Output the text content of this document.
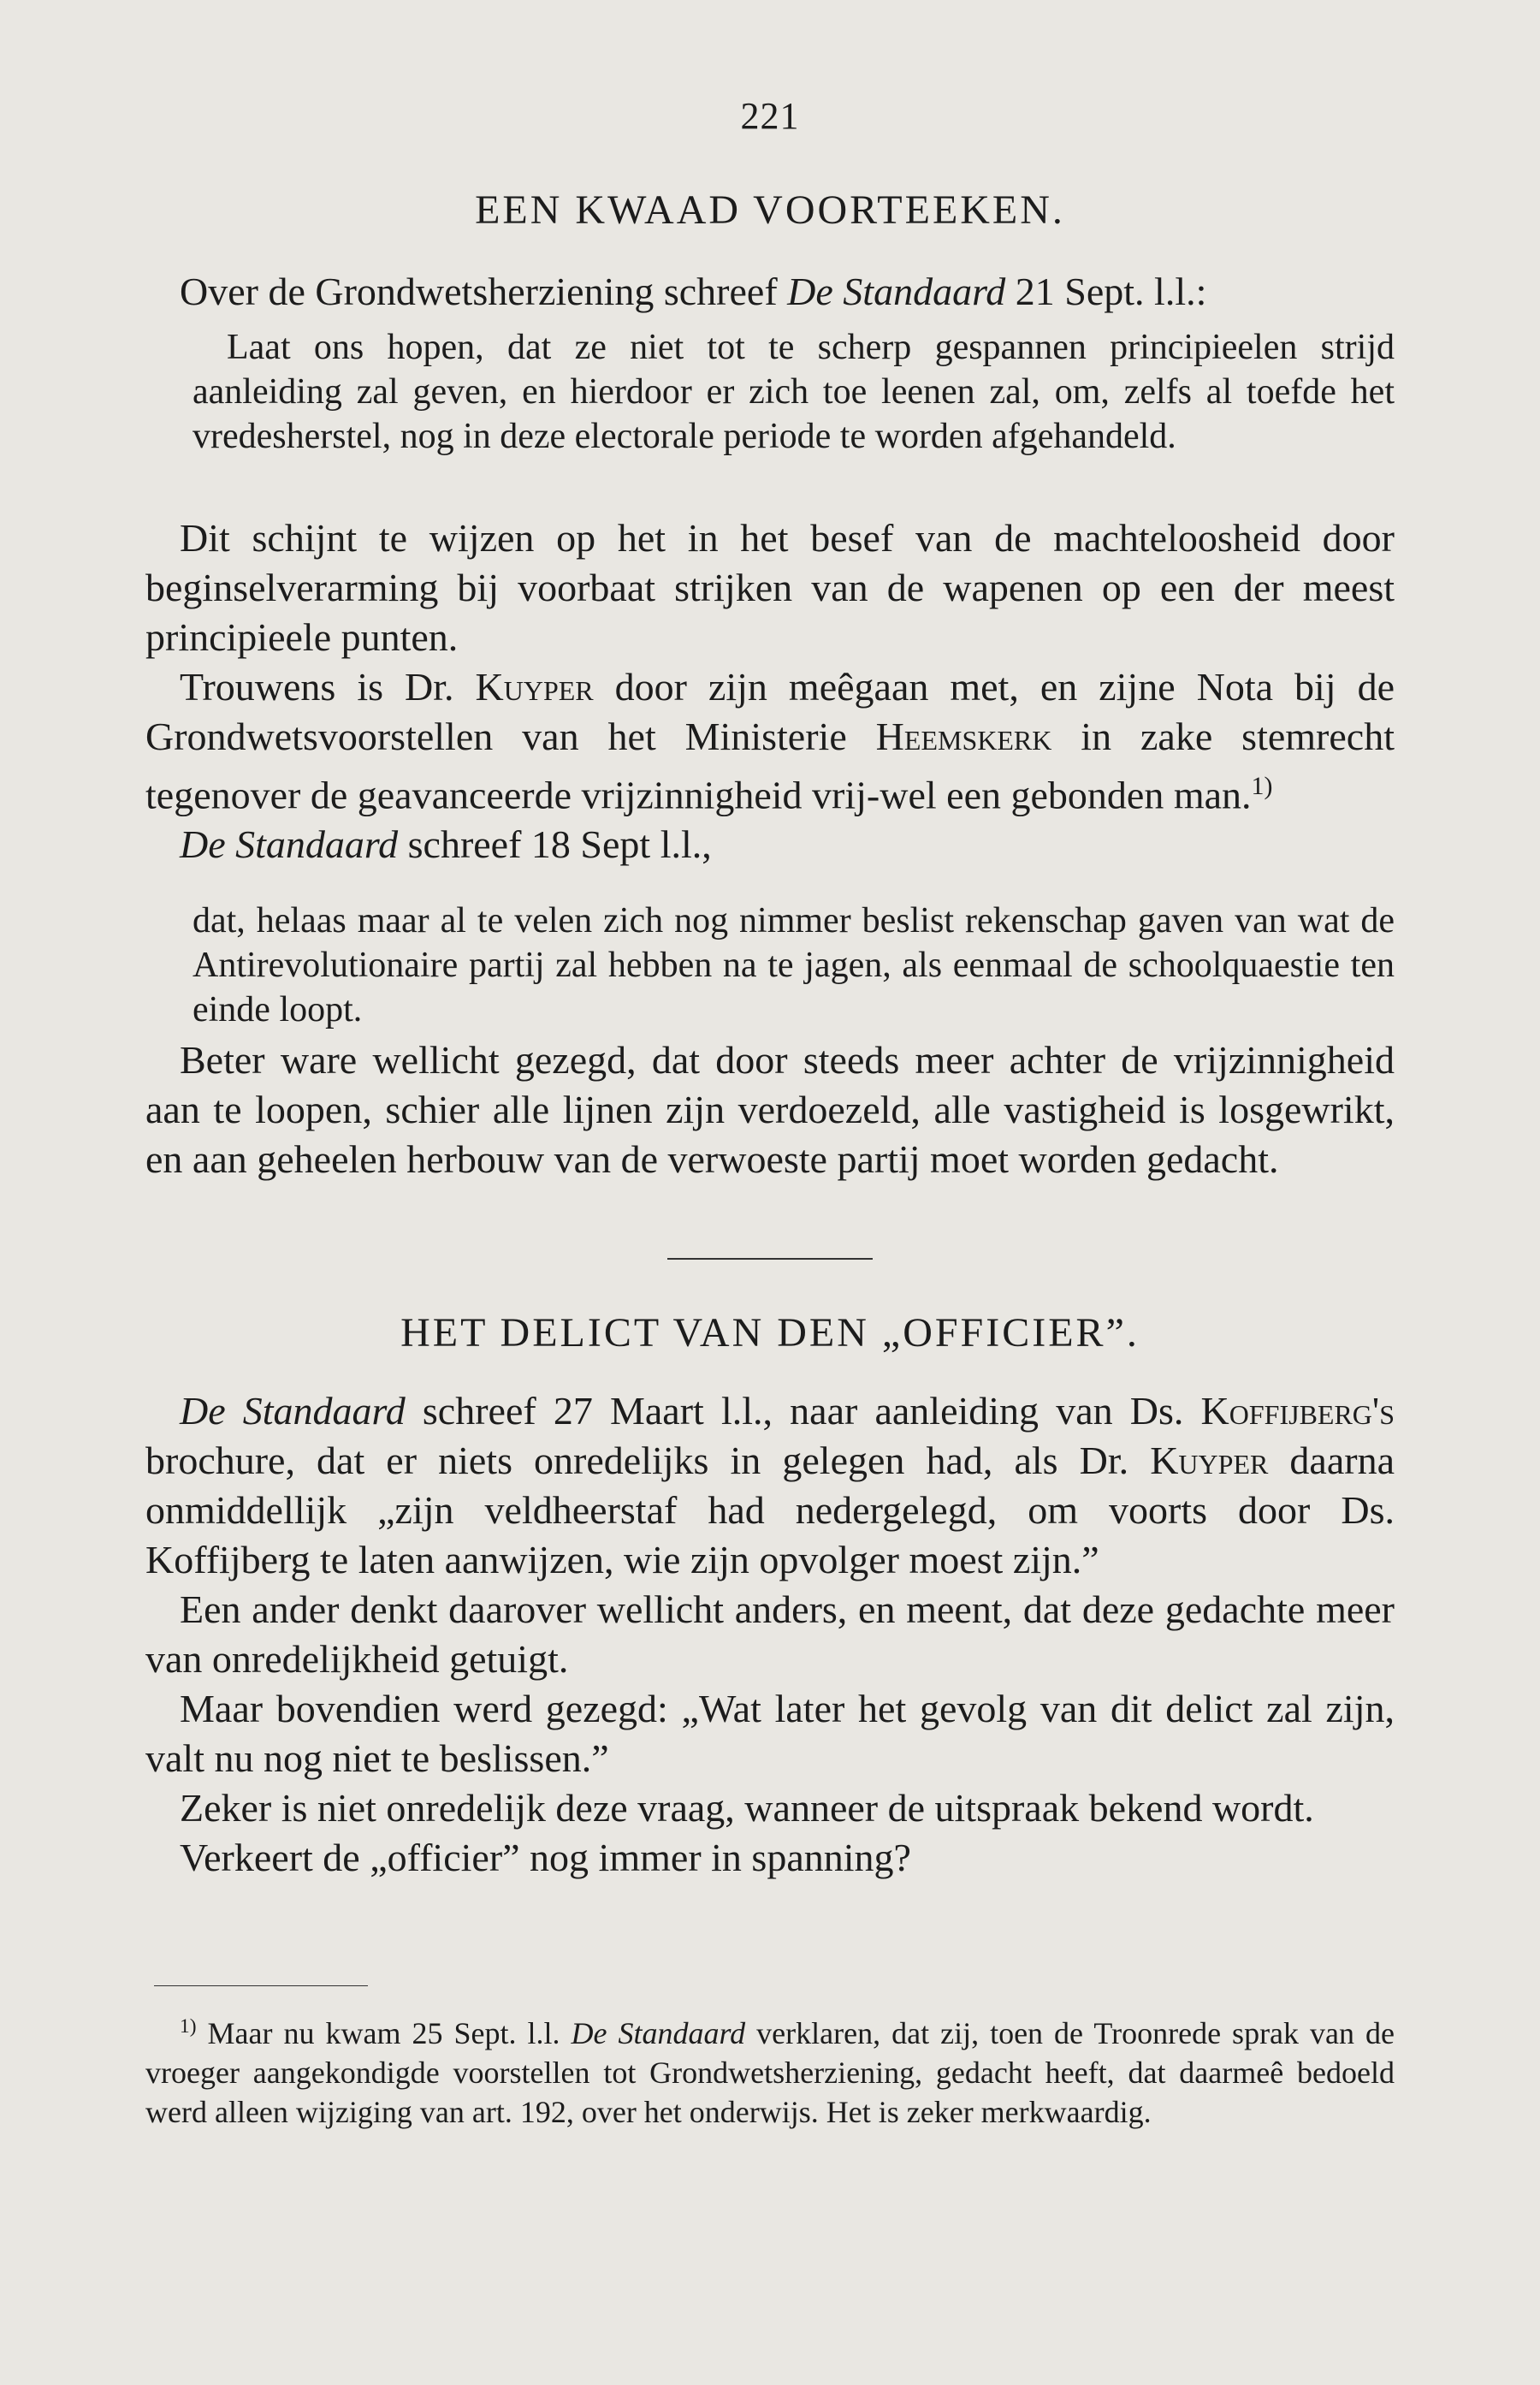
221
EEN KWAAD VOORTEEKEN.

Over de Grondwetsherziening schreef De Standaard 21 Sept. l.l.:

Laat ons hopen, dat ze niet tot te scherp gespannen principieelen strijd aanleiding zal geven, en hierdoor er zich toe leenen zal, om, zelfs al toefde het vredesherstel, nog in deze electorale periode te worden afgehandeld.

Dit schijnt te wijzen op het in het besef van de machteloosheid door beginselverarming bij voorbaat strijken van de wapenen op een der meest principieele punten.

Trouwens is Dr. Kuyper door zijn meêgaan met, en zijne Nota bij de Grondwetsvoorstellen van het Ministerie Heemskerk in zake stemrecht tegenover de geavanceerde vrijzinnigheid vrij-wel een gebonden man.$^{1)}$

De Standaard schreef 18 Sept l.l.,

dat, helaas maar al te velen zich nog nimmer beslist rekenschap gaven van wat de Antirevolutionaire partij zal hebben na te jagen, als eenmaal de schoolquaestie ten einde loopt.

Beter ware wellicht gezegd, dat door steeds meer achter de vrijzinnigheid aan te loopen, schier alle lijnen zijn verdoezeld, alle vastigheid is losgewrikt, en aan geheelen herbouw van de verwoeste partij moet worden gedacht.

HET DELICT VAN DEN „OFFICIER”.

De Standaard schreef 27 Maart l.l., naar aanleiding van Ds. Koffijberg's brochure, dat er niets onredelijks in gelegen had, als Dr. Kuyper daarna onmiddellijk „zijn veldheerstaf had nedergelegd, om voorts door Ds. Koffijberg te laten aanwijzen, wie zijn opvolger moest zijn.”

Een ander denkt daarover wellicht anders, en meent, dat deze gedachte meer van onredelijkheid getuigt.

Maar bovendien werd gezegd: „Wat later het gevolg van dit delict zal zijn, valt nu nog niet te beslissen.”

Zeker is niet onredelijk deze vraag, wanneer de uitspraak bekend wordt.

Verkeert de „officier” nog immer in spanning?

$^{1)}$ Maar nu kwam 25 Sept. l.l. De Standaard verklaren, dat zij, toen de Troonrede sprak van de vroeger aangekondigde voorstellen tot Grondwetsherziening, gedacht heeft, dat daarmeê bedoeld werd alleen wijziging van art. 192, over het onderwijs. Het is zeker merkwaardig.
